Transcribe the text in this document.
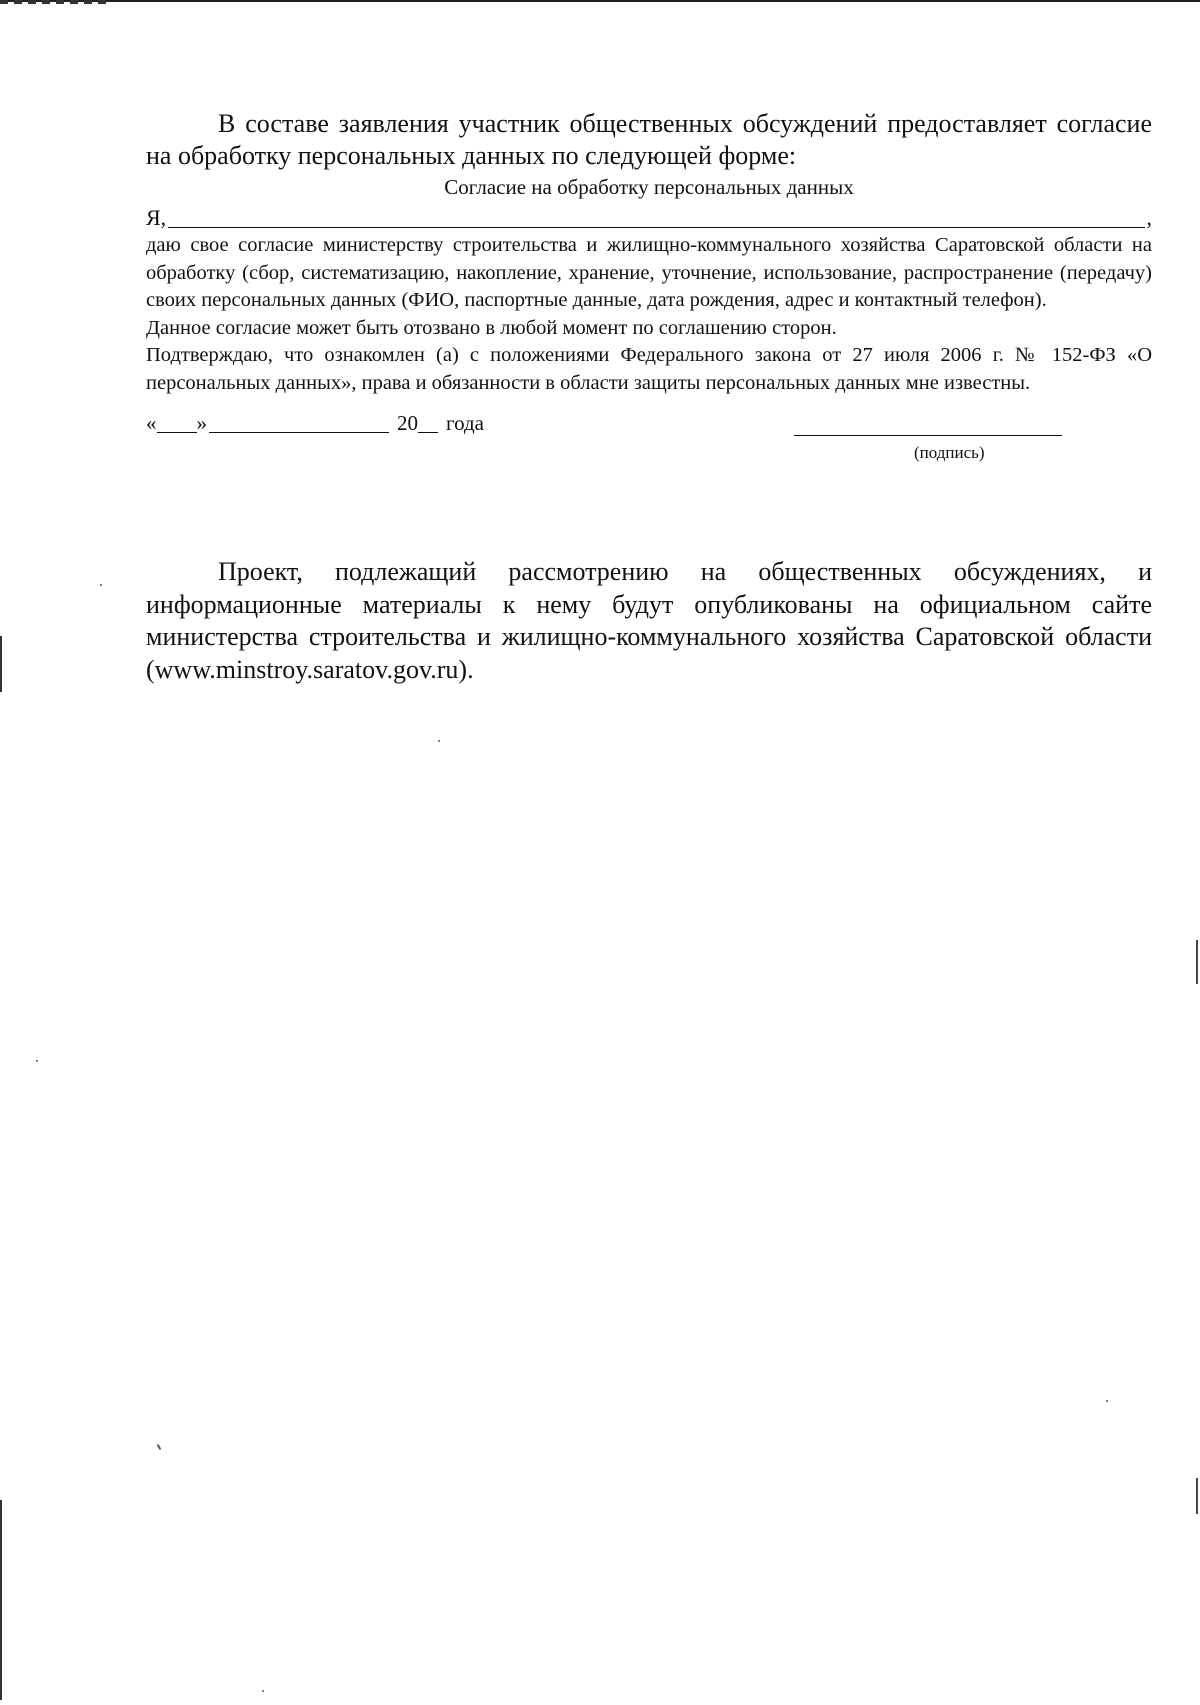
В составе заявления участник общественных обсуждений предоставляет согласие на обработку персональных данных по следующей форме:

Согласие на обработку персональных данных

Я,	,

даю свое согласие министерству строительства и жилищно-коммунального хозяйства Саратовской области на обработку (сбор, систематизацию, накопление, хранение, уточнение, использование, распространение (передачу) своих персональных данных (ФИО, паспортные данные, дата рождения, адрес и контактный телефон).

Данное согласие может быть отозвано в любой момент по соглашению сторон.

Подтверждаю, что ознакомлен (а) с положениями Федерального закона от 27 июля 2006 г. № 152-ФЗ «О персональных данных», права и обязанности в области защиты персональных данных мне известны.

« »	20 года
(подпись)

Проект, подлежащий рассмотрению на общественных обсуждениях, и информационные материалы к нему будут опубликованы на официальном сайте министерства строительства и жилищно-коммунального хозяйства Саратовской области (www.minstroy.saratov.gov.ru).
